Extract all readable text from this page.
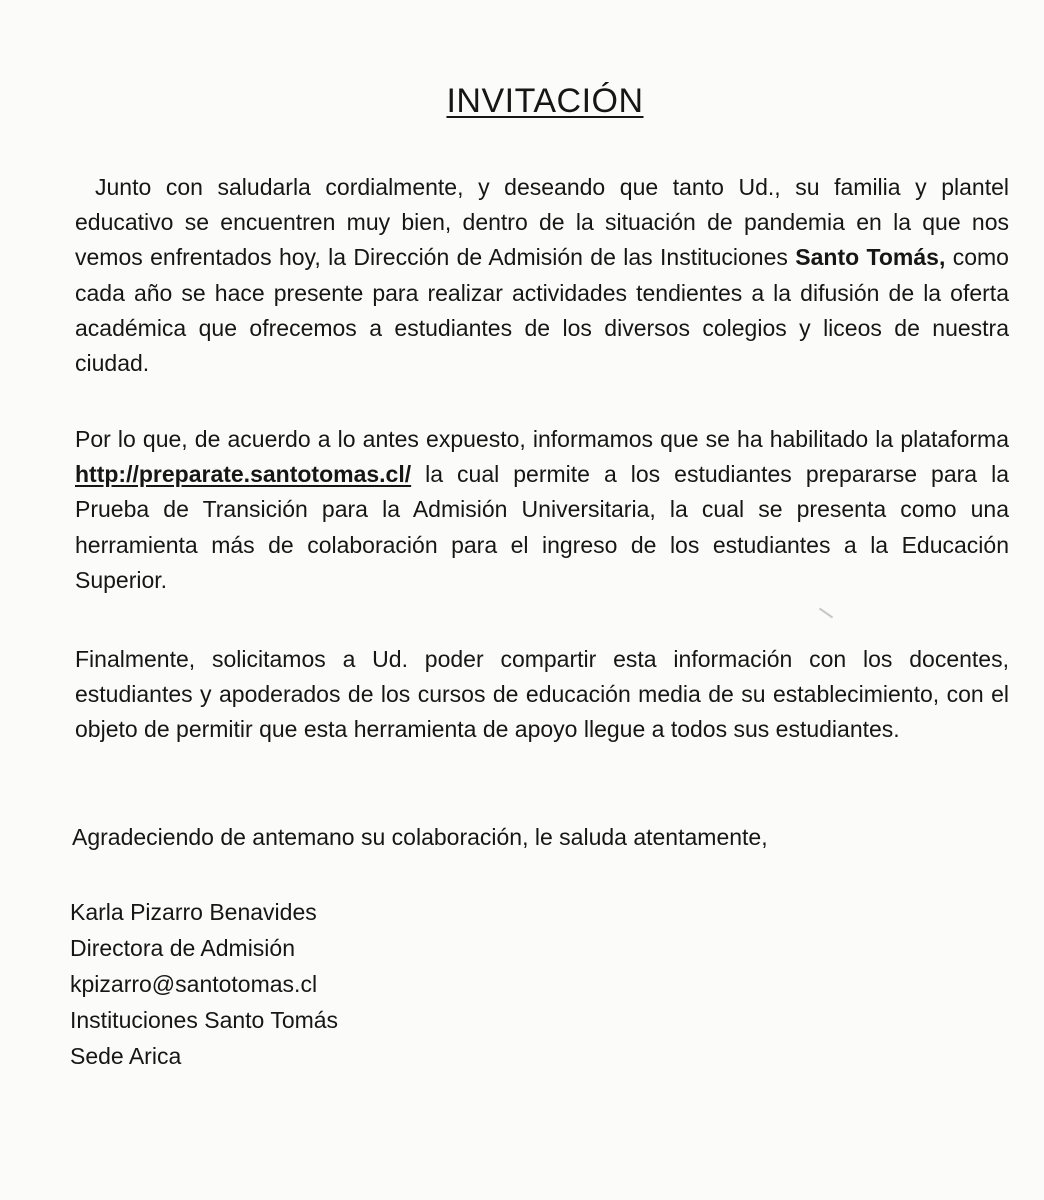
INVITACIÓN

Junto con saludarla cordialmente, y deseando que tanto Ud., su familia y plantel educativo se encuentren muy bien, dentro de la situación de pandemia en la que nos vemos enfrentados hoy, la Dirección de Admisión de las Instituciones Santo Tomás, como cada año se hace presente para realizar actividades tendientes a la difusión de la oferta académica que ofrecemos a estudiantes de los diversos colegios y liceos de nuestra ciudad.

Por lo que, de acuerdo a lo antes expuesto, informamos que se ha habilitado la plataforma http://preparate.santotomas.cl/ la cual permite a los estudiantes prepararse para la Prueba de Transición para la Admisión Universitaria, la cual se presenta como una herramienta más de colaboración para el ingreso de los estudiantes a la Educación Superior.

Finalmente, solicitamos a Ud. poder compartir esta información con los docentes, estudiantes y apoderados de los cursos de educación media de su establecimiento, con el objeto de permitir que esta herramienta de apoyo llegue a todos sus estudiantes.

Agradeciendo de antemano su colaboración, le saluda atentamente,

Karla Pizarro Benavides
Directora de Admisión
kpizarro@santotomas.cl
Instituciones Santo Tomás
Sede Arica
